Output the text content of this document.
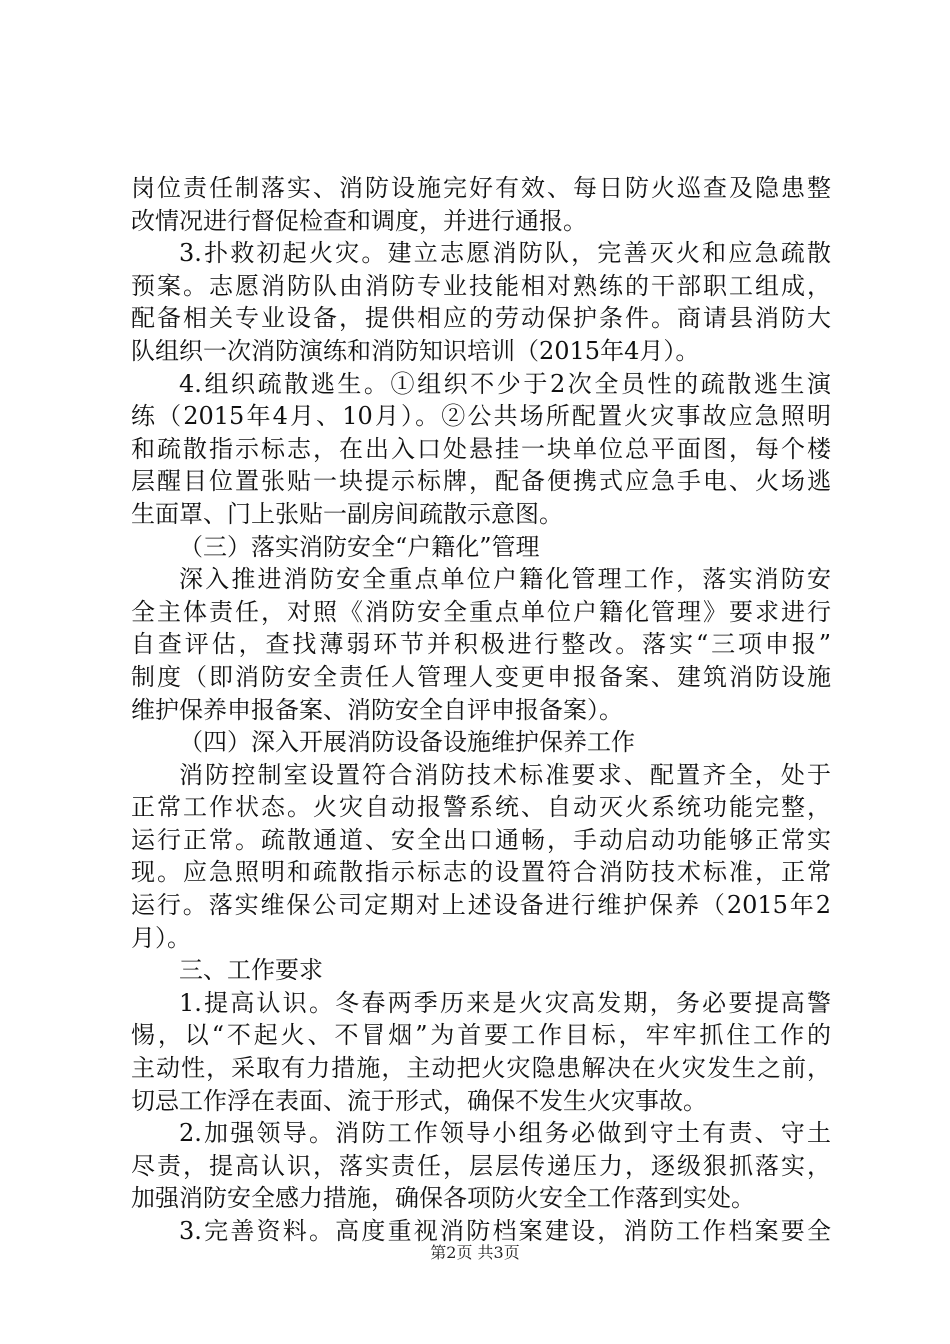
岗位责任制落实、消防设施完好有效、每日防火巡查及隐患整
改情况进行督促检查和调度，并进行通报。
3.扑救初起火灾。建立志愿消防队，完善灭火和应急疏散
预案。志愿消防队由消防专业技能相对熟练的干部职工组成，
配备相关专业设备，提供相应的劳动保护条件。商请县消防大
队组织一次消防演练和消防知识培训（2015年4月）。
4.组织疏散逃生。①组织不少于2次全员性的疏散逃生演
练（2015年4月、10月）。②公共场所配置火灾事故应急照明
和疏散指示标志，在出入口处悬挂一块单位总平面图，每个楼
层醒目位置张贴一块提示标牌，配备便携式应急手电、火场逃
生面罩、门上张贴一副房间疏散示意图。
（三）落实消防安全“户籍化”管理
深入推进消防安全重点单位户籍化管理工作，落实消防安
全主体责任，对照《消防安全重点单位户籍化管理》要求进行
自查评估，查找薄弱环节并积极进行整改。落实“三项申报”
制度（即消防安全责任人管理人变更申报备案、建筑消防设施
维护保养申报备案、消防安全自评申报备案）。
（四）深入开展消防设备设施维护保养工作
消防控制室设置符合消防技术标准要求、配置齐全，处于
正常工作状态。火灾自动报警系统、自动灭火系统功能完整，
运行正常。疏散通道、安全出口通畅，手动启动功能够正常实
现。应急照明和疏散指示标志的设置符合消防技术标准，正常
运行。落实维保公司定期对上述设备进行维护保养（2015年2
月）。
三、工作要求
1.提高认识。冬春两季历来是火灾高发期，务必要提高警
惕，以“不起火、不冒烟”为首要工作目标，牢牢抓住工作的
主动性，采取有力措施，主动把火灾隐患解决在火灾发生之前，
切忌工作浮在表面、流于形式，确保不发生火灾事故。
2.加强领导。消防工作领导小组务必做到守土有责、守土
尽责，提高认识，落实责任，层层传递压力，逐级狠抓落实，
加强消防安全感力措施，确保各项防火安全工作落到实处。
3.完善资料。高度重视消防档案建设，消防工作档案要全
第2页 共3页
